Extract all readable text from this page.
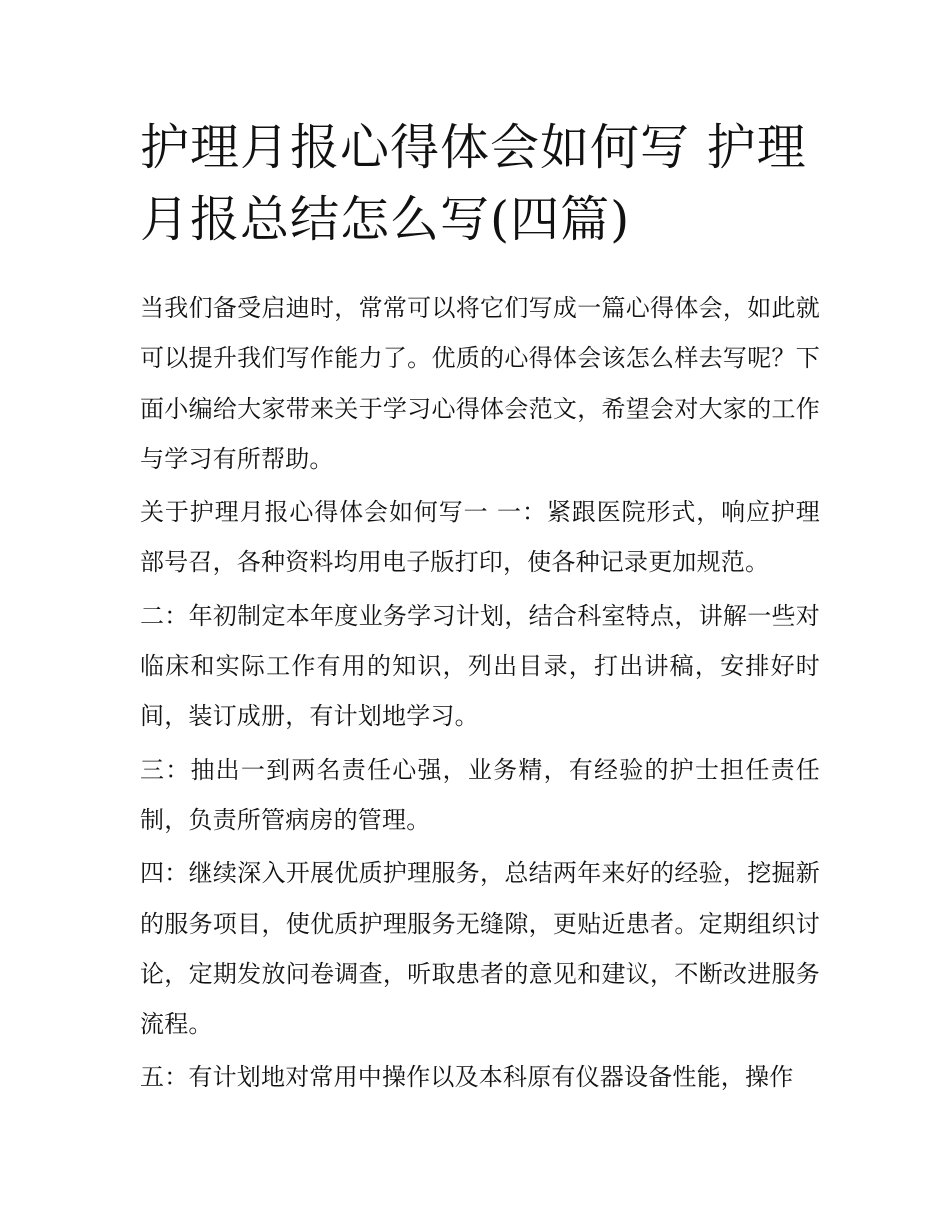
护理月报心得体会如何写 护理
月报总结怎么写(四篇)

当我们备受启迪时，常常可以将它们写成一篇心得体会，如此就可以提升我们写作能力了。优质的心得体会该怎么样去写呢？下面小编给大家带来关于学习心得体会范文，希望会对大家的工作与学习有所帮助。

关于护理月报心得体会如何写一 一：紧跟医院形式，响应护理部号召，各种资料均用电子版打印，使各种记录更加规范。

二：年初制定本年度业务学习计划，结合科室特点，讲解一些对临床和实际工作有用的知识，列出目录，打出讲稿，安排好时间，装订成册，有计划地学习。

三：抽出一到两名责任心强，业务精，有经验的护士担任责任制，负责所管病房的管理。

四：继续深入开展优质护理服务，总结两年来好的经验，挖掘新的服务项目，使优质护理服务无缝隙，更贴近患者。定期组织讨论，定期发放问卷调查，听取患者的意见和建议，不断改进服务流程。

五：有计划地对常用中操作以及本科原有仪器设备性能，操作
